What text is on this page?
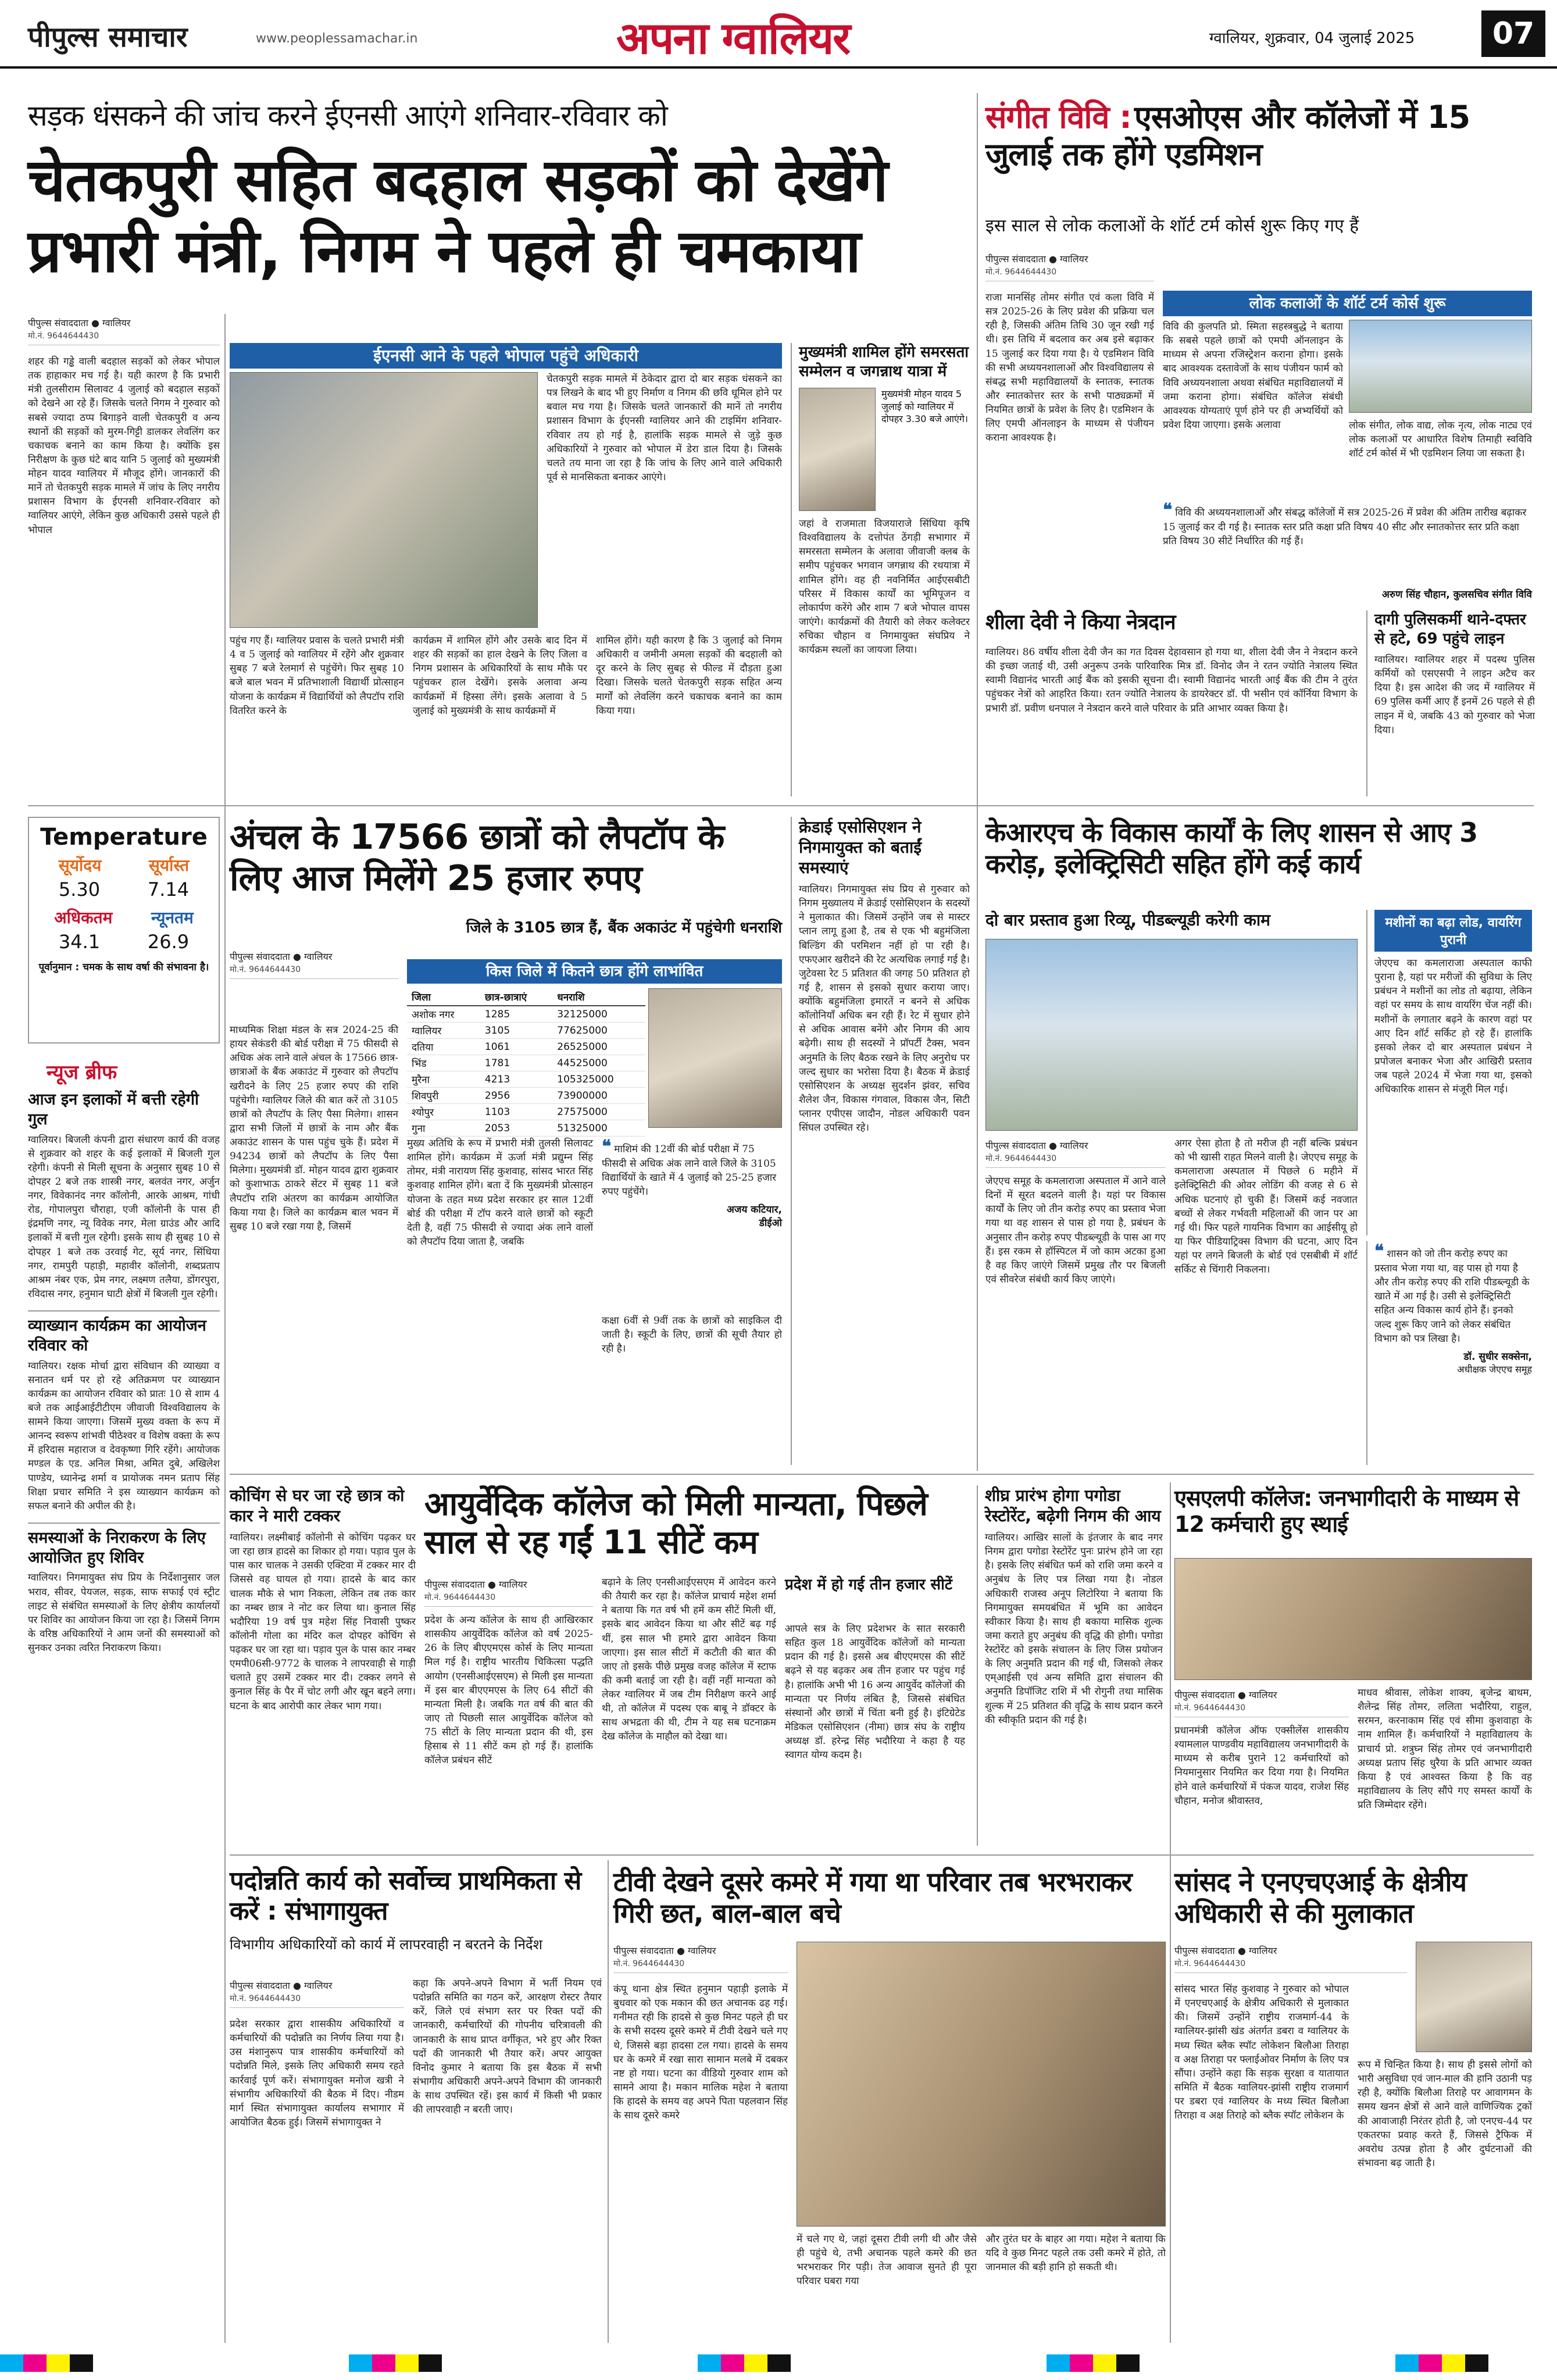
पीपुल्स समाचार	www.peoplessamachar.in	अपना ग्वालियर	ग्वालियर, शुक्रवार, 04 जुलाई 2025	07
सड़क धंसकने की जांच करने ईएनसी आएंगे शनिवार-रविवार को
चेतकपुरी सहित बदहाल सड़कों को देखेंगे प्रभारी मंत्री, निगम ने पहले ही चमकाया
पीपुल्स संवाददाता ● ग्वालियर
मो.नं. 9644644430
शहर की गड्ढे वाली बदहाल सड़कों को लेकर भोपाल तक हाहाकार मच गई है। यही कारण है कि प्रभारी मंत्री तुलसीराम सिलावट 4 जुलाई को बदहाल सड़कों को देखने आ रहे हैं। जिसके चलते निगम ने गुरुवार को सबसे ज्यादा ठप्प बिगाड़ने वाली चेतकपुरी व अन्य स्थानों की सड़कों को मुरम-गिट्टी डालकर लेवलिंग कर चकाचक बनाने का काम किया है। क्योंकि इस निरीक्षण के कुछ घंटे बाद यानि 5 जुलाई को मुख्यमंत्री मोहन यादव ग्वालियर में मौजूद होंगे। जानकारों की मानें तो चेतकपुरी सड़क मामले में जांच के लिए नगरीय प्रशासन विभाग के ईएनसी शनिवार-रविवार को ग्वालियर आएंगे, लेकिन कुछ अधिकारी उससे पहले ही भोपाल
ईएनसी आने के पहले भोपाल पहुंचे अधिकारी
चेतकपुरी सड़क मामले में ठेकेदार द्वारा दो बार सड़क धंसकने का पत्र लिखने के बाद भी हुए निर्माण व निगम की छवि धूमिल होने पर बवाल मच गया है। जिसके चलते जानकारों की मानें तो नगरीय प्रशासन विभाग के ईएनसी ग्वालियर आने की टाइमिंग शनिवार-रविवार तय हो गई है, हालांकि सड़क मामले से जुड़े कुछ अधिकारियों ने गुरुवार को भोपाल में डेरा डाल दिया है। जिसके चलते तय माना जा रहा है कि जांच के लिए आने वाले अधिकारी पूर्व से मानसिकता बनाकर आएंगे।
पहुंच गए हैं। ग्वालियर प्रवास के चलते प्रभारी मंत्री 4 व 5 जुलाई को ग्वालियर में रहेंगे और शुक्रवार सुबह 7 बजे रेलमार्ग से पहुंचेंगे। फिर सुबह 10 बजे बाल भवन में प्रतिभाशाली विद्यार्थी प्रोत्साहन योजना के कार्यक्रम में विद्यार्थियों को लैपटॉप राशि वितरित करने के
कार्यक्रम में शामिल होंगे और उसके बाद दिन में शहर की सड़कों का हाल देखने के लिए जिला व निगम प्रशासन के अधिकारियों के साथ मौके पर पहुंचकर हाल देखेंगे। इसके अलावा अन्य कार्यक्रमों में हिस्सा लेंगे। इसके अलावा वे 5 जुलाई को मुख्यमंत्री के साथ कार्यक्रमों में
शामिल होंगे। यही कारण है कि 3 जुलाई को निगम अधिकारी व जमीनी अमला सड़कों की बदहाली को दूर करने के लिए सुबह से फील्ड में दौड़ता हुआ दिखा। जिसके चलते चेतकपुरी सड़क सहित अन्य मार्गों को लेवलिंग करने चकाचक बनाने का काम किया गया।
मुख्यमंत्री शामिल होंगे समरसता सम्मेलन व जगन्नाथ यात्रा में
मुख्यमंत्री मोहन यादव 5 जुलाई को ग्वालियर में दोपहर 3.30 बजे आएंगे।
जहां वे राजमाता विजयाराजे सिंधिया कृषि विश्वविद्यालय के दत्तोपंत ठेंगड़ी सभागार में समरसता सम्मेलन के अलावा जीवाजी क्लब के समीप पहुंचकर भगवान जगन्नाथ की रथयात्रा में शामिल होंगे। वह ही नवनिर्मित आईएसबीटी परिसर में विकास कार्यों का भूमिपूजन व लोकार्पण करेंगे और शाम 7 बजे भोपाल वापस जाएंगे। कार्यक्रमों की तैयारी को लेकर कलेक्टर रुचिका चौहान व निगमायुक्त संघप्रिय ने कार्यक्रम स्थलों का जायजा लिया।
संगीत विवि : एसओएस और कॉलेजों में 15 जुलाई तक होंगे एडमिशन
इस साल से लोक कलाओं के शॉर्ट टर्म कोर्स शुरू किए गए हैं
पीपुल्स संवाददाता ● ग्वालियर
मो.नं. 9644644430
राजा मानसिंह तोमर संगीत एवं कला विवि में सत्र 2025-26 के लिए प्रवेश की प्रक्रिया चल रही है, जिसकी अंतिम तिथि 30 जून रखी गई थी। इस तिथि में बदलाव कर अब इसे बढ़ाकर 15 जुलाई कर दिया गया है। ये एडमिशन विवि की सभी अध्ययनशालाओं और विश्वविद्यालय से संबद्ध सभी महाविद्यालयों के स्नातक, स्नातक और स्नातकोत्तर स्तर के सभी पाठ्यक्रमों में नियमित छात्रों के प्रवेश के लिए है। एडमिशन के लिए एमपी ऑनलाइन के माध्यम से पंजीयन कराना आवश्यक है।
लोक कलाओं के शॉर्ट टर्म कोर्स शुरू
विवि की कुलपति प्रो. स्मिता सहस्त्रबुद्धे ने बताया कि सबसे पहले छात्रों को एमपी ऑनलाइन के माध्यम से अपना रजिस्ट्रेशन कराना होगा। इसके बाद आवश्यक दस्तावेजों के साथ पंजीयन फार्म को विवि अध्ययनशाला अथवा संबंधित महाविद्यालयों में जमा कराना होगा। संबंधित कॉलेज संबंधी आवश्यक योग्यताएं पूर्ण होने पर ही अभ्यर्थियों को प्रवेश दिया जाएगा। इसके अलावा	लोक संगीत, लोक वाद्य, लोक नृत्य, लोक नाट्य एवं लोक कलाओं पर आधारित विशेष तिमाही स्वविवि शॉर्ट टर्म कोर्स में भी एडमिशन लिया जा सकता है।
❝ विवि की अध्ययनशालाओं और संबद्ध कॉलेजों में सत्र 2025-26 में प्रवेश की अंतिम तारीख बढ़ाकर 15 जुलाई कर दी गई है। स्नातक स्तर प्रति कक्षा प्रति विषय 40 सीट और स्नातकोत्तर स्तर प्रति कक्षा प्रति विषय 30 सीटें निर्धारित की गई हैं।
अरुण सिंह चौहान, कुलसचिव संगीत विवि
शीला देवी ने किया नेत्रदान
ग्वालियर। 86 वर्षीय शीला देवी जैन का गत दिवस देहावसान हो गया था, शीला देवी जैन ने नेत्रदान करने की इच्छा जताई थी, उसी अनुरूप उनके पारिवारिक मित्र डॉ. विनोद जैन ने रतन ज्योति नेत्रालय स्थित स्वामी विद्यानंद भारती आई बैंक को इसकी सूचना दी। स्वामी विद्यानंद भारती आई बैंक की टीम ने तुरंत पहुंचकर नेत्रों को आहरित किया। रतन ज्योति नेत्रालय के डायरेक्टर डॉ. पी भसीन एवं कॉर्निया विभाग के प्रभारी डॉ. प्रवीण धनपाल ने नेत्रदान करने वाले परिवार के प्रति आभार व्यक्त किया है।
दागी पुलिसकर्मी थाने-दफ्तर से हटे, 69 पहुंचे लाइन
ग्वालियर। ग्वालियर शहर में पदस्थ पुलिस कर्मियों को एसएसपी ने लाइन अटैच कर दिया है। इस आदेश की जद में ग्वालियर में 69 पुलिस कर्मी आए हैं इनमें 26 पहले से ही लाइन में थे, जबकि 43 को गुरुवार को भेजा दिया।
Temperature
सूर्योदय	सूर्यास्त
5.30	7.14
अधिकतम न्यूनतम
34.1	26.9
पूर्वानुमान : चमक के साथ वर्षा की संभावना है।
न्यूज ब्रीफ
आज इन इलाकों में बत्ती रहेगी गुल
ग्वालियर। बिजली कंपनी द्वारा संधारण कार्य की वजह से शुक्रवार को शहर के कई इलाकों में बिजली गुल रहेगी। कंपनी से मिली सूचना के अनुसार सुबह 10 से दोपहर 2 बजे तक शास्त्री नगर, बलवंत नगर, अर्जुन नगर, विवेकानंद नगर कॉलोनी, आरके आश्रम, गांधी रोड, गोपालपुरा चौराहा, एजी कॉलोनी के पास ही इंद्रमणि नगर, न्यू विवेक नगर, मेला ग्राउंड और आदि इलाकों में बत्ती गुल रहेगी। इसके साथ ही सुबह 10 से दोपहर 1 बजे तक उरवाई गेट, सूर्य नगर, सिंधिया नगर, रामपुरी पहाड़ी, महावीर कॉलोनी, शब्दप्रताप आश्रम नंबर एक, प्रेम नगर, लक्ष्मण तलैया, डोंगरपुरा, रविदास नगर, हनुमान घाटी क्षेत्रों में बिजली गुल रहेगी।
व्याख्यान कार्यक्रम का आयोजन रविवार को
ग्वालियर। रक्षक मोर्चा द्वारा संविधान की व्याख्या व सनातन धर्म पर हो रहे अतिक्रमण पर व्याख्यान कार्यक्रम का आयोजन रविवार को प्रातः 10 से शाम 4 बजे तक आईआईटीटीएम जीवाजी विश्वविद्यालय के सामने किया जाएगा। जिसमें मुख्य वक्ता के रूप में आनन्द स्वरूप शांभवी पीठेश्वर व विशेष वक्ता के रूप में हरिदास महाराज व देवकृष्णा गिरि रहेंगे। आयोजक मण्डल के एड. अनिल मिश्रा, अमित दुबे, अखिलेश पाण्डेय, ध्यानेन्द्र शर्मा व प्रायोजक नमन प्रताप सिंह शिक्षा प्रचार समिति ने इस व्याख्यान कार्यक्रम को सफल बनाने की अपील की है।
समस्याओं के निराकरण के लिए आयोजित हुए शिविर
ग्वालियर। निगमायुक्त संघ प्रिय के निर्देशानुसार जल भराव, सीवर, पेयजल, सड़क, साफ सफाई एवं स्ट्रीट लाइट से संबंधित समस्याओं के लिए क्षेत्रीय कार्यालयों पर शिविर का आयोजन किया जा रहा है। जिसमें निगम के वरिष्ठ अधिकारियों ने आम जनों की समस्याओं को सुनकर उनका त्वरित निराकरण किया।
अंचल के 17566 छात्रों को लैपटॉप के लिए आज मिलेंगे 25 हजार रुपए
जिले के 3105 छात्र हैं, बैंक अकाउंट में पहुंचेगी धनराशि
पीपुल्स संवाददाता ● ग्वालियर
मो.नं. 9644644430
माध्यमिक शिक्षा मंडल के सत्र 2024-25 की हायर सेकंडरी की बोर्ड परीक्षा में 75 फीसदी से अधिक अंक लाने वाले अंचल के 17566 छात्र-छात्राओं के बैंक अकाउंट में गुरुवार को लैपटॉप खरीदने के लिए 25 हजार रुपए की राशि पहुंचेगी। ग्वालियर जिले की बात करें तो 3105 छात्रों को लैपटॉप के लिए पैसा मिलेगा। शासन द्वारा सभी जिलों में छात्रों के नाम और बैंक अकाउंट शासन के पास पहुंच चुके हैं। प्रदेश में 94234 छात्रों को लैपटॉप के लिए पैसा मिलेगा। मुख्यमंत्री डॉ. मोहन यादव द्वारा शुक्रवार को कुशाभाऊ ठाकरे सेंटर में सुबह 11 बजे लैपटॉप राशि अंतरण का कार्यक्रम आयोजित किया गया है। जिले का कार्यक्रम बाल भवन में सुबह 10 बजे रखा गया है, जिसमें
किस जिले में कितने छात्र होंगे लाभांवित
जिला	छात्र-छात्राएं	धनराशि
अशोक नगर	1285	32125000
ग्वालियर	3105	77625000
दतिया	1061	26525000
भिंड	1781	44525000
मुरैना	4213	105325000
शिवपुरी	2956	73900000
श्योपुर	1103	27575000
गुना	2053	51325000
मुख्य अतिथि के रूप में प्रभारी मंत्री तुलसी सिलावट शामिल होंगे। कार्यक्रम में ऊर्जा मंत्री प्रद्युम्न सिंह तोमर, मंत्री नारायण सिंह कुशवाह, सांसद भारत सिंह कुशवाह शामिल होंगे। बता दें कि मुख्यमंत्री प्रोत्साहन योजना के तहत मध्य प्रदेश सरकार हर साल 12वीं बोर्ड की परीक्षा में टॉप करने वाले छात्रों को स्कूटी देती है, वहीं 75 फीसदी से ज्यादा अंक लाने वालों को लैपटॉप दिया जाता है, जबकि
❝ माशिमं की 12वीं की बोर्ड परीक्षा में 75 फीसदी से अधिक अंक लाने वाले जिले के 3105 विद्यार्थियों के खाते में 4 जुलाई को 25-25 हजार रुपए पहुंचेंगे।
अजय कटियार,
डीईओ
कक्षा 6वीं से 9वीं तक के छात्रों को साइकिल दी जाती है। स्कूटी के लिए, छात्रों की सूची तैयार हो रही है।
क्रेडाई एसोसिएशन ने निगमायुक्त को बताईं समस्याएं
ग्वालियर। निगमायुक्त संघ प्रिय से गुरुवार को निगम मुख्यालय में क्रेडाई एसोसिएशन के सदस्यों ने मुलाकात की। जिसमें उन्होंने जब से मास्टर प्लान लागू हुआ है, तब से एक भी बहुमंजिला बिल्डिंग की परमिशन नहीं हो पा रही है। एफएआर खरीदने की रेट अत्यधिक लगाई गई है। जुटेवसा रेट 5 प्रतिशत की जगह 50 प्रतिशत हो गई है, शासन से इसको सुधार कराया जाए। क्योंकि बहुमंजिला इमारतें न बनने से अधिक कॉलोनियाँ अधिक बन रही हैं। रेट में सुधार होने से अधिक आवास बनेंगे और निगम की आय बढ़ेगी। साथ ही सदस्यों ने प्रॉपर्टी टैक्स, भवन अनुमति के लिए बैठक रखने के लिए अनुरोध पर जल्द सुधार का भरोसा दिया है। बैठक में क्रेडाई एसोसिएशन के अध्यक्ष सुदर्शन झंवर, सचिव शैलेश जैन, विकास गंगवाल, विकास जैन, सिटी प्लानर एपीएस जादौन, नोडल अधिकारी पवन सिंघल उपस्थित रहे।
केआरएच के विकास कार्यों के लिए शासन से आए 3 करोड़, इलेक्ट्रिसिटी सहित होंगे कई कार्य
दो बार प्रस्ताव हुआ रिव्यू, पीडब्ल्यूडी करेगी काम	मशीनों का बढ़ा लोड, वायरिंग पुरानी
जेएएच का कमलाराजा अस्पताल काफी पुराना है, यहां पर मरीजों की सुविधा के लिए प्रबंधन ने मशीनों का लोड तो बढ़ाया, लेकिन वहां पर समय के साथ वायरिंग चेंज नहीं की। मशीनों के लगातार बढ़ने के कारण वहां पर आए दिन शॉर्ट सर्किट हो रहे हैं। हालांकि इसको लेकर दो बार अस्पताल प्रबंधन ने प्रपोजल बनाकर भेजा और आखिरी प्रस्ताव जब पहले 2024 में भेजा गया था, इसको अधिकारिक शासन से मंजूरी मिल गई।
पीपुल्स संवाददाता ● ग्वालियर
मो.नं. 9644644430
जेएएच समूह के कमलाराजा अस्पताल में आने वाले दिनों में सूरत बदलने वाली है। यहां पर विकास कार्यों के लिए जो तीन करोड़ रुपए का प्रस्ताव भेजा गया था वह शासन से पास हो गया है, प्रबंधन के अनुसार तीन करोड़ रुपए पीडब्ल्यूडी के पास आ गए हैं। इस रकम से हॉस्पिटल में जो काम अटका हुआ है वह किए जाएंगे जिसमें प्रमुख तौर पर बिजली एवं सीवरेज संबंधी कार्य किए जाएंगे।
अगर ऐसा होता है तो मरीज ही नहीं बल्कि प्रबंधन को भी खासी राहत मिलने वाली है। जेएएच समूह के कमलाराजा अस्पताल में पिछले 6 महीने में इलेक्ट्रिसिटी की ओवर लोडिंग की वजह से 6 से अधिक घटनाएं हो चुकी हैं। जिसमें कई नवजात बच्चों से लेकर गर्भवती महिलाओं की जान पर आ गई थी। फिर पहले गायनिक विभाग का आईसीयू हो या फिर पीडियाट्रिक्स विभाग की घटना, आए दिन यहां पर लगने बिजली के बोर्ड एवं एसबीबी में शॉर्ट सर्किट से चिंगारी निकलना।
❝ शासन को जो तीन करोड़ रुपए का प्रस्ताव भेजा गया था, वह पास हो गया है और तीन करोड़ रुपए की राशि पीडब्ल्यूडी के खाते में आ गई है। उसी से इलेक्ट्रिसिटी सहित अन्य विकास कार्य होने हैं। इनको जल्द शुरू किए जाने को लेकर संबंधित विभाग को पत्र लिखा है।
डॉ. सुधीर सक्सेना,
अधीक्षक जेएएच समूह
आयुर्वेदिक कॉलेज को मिली मान्यता, पिछले साल से रह गईं 11 सीटें कम
कोचिंग से घर जा रहे छात्र को कार ने मारी टक्कर
ग्वालियर। लक्ष्मीबाई कॉलोनी से कोचिंग पढ़कर घर जा रहा छात्र हादसे का शिकार हो गया। पड़ाव पुल के पास कार चालक ने उसकी एक्टिवा में टक्कर मार दी जिससे वह घायल हो गया। हादसे के बाद कार चालक मौके से भाग निकला, लेकिन तब तक कार का नम्बर छात्र ने नोट कर लिया था। कुनाल सिंह भदौरिया 19 वर्ष पुत्र महेश सिंह निवासी पुष्कर कॉलोनी गोला का मंदिर कल दोपहर कोचिंग से पढ़कर घर जा रहा था। पड़ाव पुल के पास कार नम्बर एमपी06सी-9772 के चालक ने लापरवाही से गाड़ी चलाते हुए उसमें टक्कर मार दी। टक्कर लगने से कुनाल सिंह के पैर में चोट लगी और खून बहने लगा। घटना के बाद आरोपी कार लेकर भाग गया।
पीपुल्स संवाददाता ● ग्वालियर
मो.नं. 9644644430
प्रदेश के अन्य कॉलेज के साथ ही आखिरकार शासकीय आयुर्वेदिक कॉलेज को वर्ष 2025-26 के लिए बीएएमएस कोर्स के लिए मान्यता मिल गई है। राष्ट्रीय भारतीय चिकित्सा पद्धति आयोग (एनसीआईएसएम) से मिली इस मान्यता में इस बार बीएएमएस के लिए 64 सीटों की मान्यता मिली है। जबकि गत वर्ष की बात की जाए तो पिछली साल आयुर्वेदिक कॉलेज को 75 सीटों के लिए मान्यता प्रदान की थी, इस हिसाब से 11 सीटें कम हो गई हैं। हालांकि कॉलेज प्रबंधन सीटें
बढ़ाने के लिए एनसीआईएसएम में आवेदन करने की तैयारी कर रहा है। कॉलेज प्राचार्य महेश शर्मा ने बताया कि गत वर्ष भी हमें कम सीटें मिली थीं, इसके बाद आवेदन किया था और सीटें बढ़ गई थीं, इस साल भी हमारे द्वारा आवेदन किया जाएगा। इस साल सीटों में कटौती की बात की जाए तो इसके पीछे प्रमुख वजह कॉलेज में स्टाफ की कमी बताई जा रही है। वहीं नहीं मान्यता को लेकर ग्वालियर में जब टीम निरीक्षण करने आई थी, तो कॉलेज में पदस्थ एक बाबू ने डॉक्टर के साथ अभद्रता की थी, टीम ने यह सब घटनाक्रम देख कॉलेज के माहौल को देखा था।
प्रदेश में हो गई तीन हजार सीटें
आपले सत्र के लिए प्रदेशभर के सात सरकारी सहित कुल 18 आयुर्वेदिक कॉलेजों को मान्यता प्रदान की गई है। इससे अब बीएएमएस की सीटें बढ़ने से यह बढ़कर अब तीन हजार पर पहुंच गई है। हालांकि अभी भी 16 अन्य आयुर्वेद कॉलेजों की मान्यता पर निर्णय लंबित है, जिससे संबंधित संस्थानों और छात्रों में चिंता बनी हुई है। इंटिग्रेटेड मेडिकल एसोसिएशन (नीमा) छात्र संघ के राष्ट्रीय अध्यक्ष डॉ. हरेन्द्र सिंह भदौरिया ने कहा है यह स्वागत योग्य कदम है।
शीघ्र प्रारंभ होगा पगोडा रेस्टोरेंट, बढ़ेगी निगम की आय
ग्वालियर। आखिर सालों के इंतजार के बाद नगर निगम द्वारा पगोडा रेस्टोरेंट पुनः प्रारंभ होने जा रहा है। इसके लिए संबंधित फर्म को राशि जमा करने व अनुबंध के लिए पत्र लिखा गया है। नोडल अधिकारी राजस्व अनूप लिटोरिया ने बताया कि निगमायुक्त समयबंधित में भूमि का आवेदन स्वीकार किया है। साथ ही बकाया मासिक शुल्क जमा कराते हुए अनुबंध की वृद्धि की होगी। पगोडा रेस्टोरेंट को इसके संचालन के लिए जिस प्रयोजन के लिए अनुमति प्रदान की गई थी, जिसको लेकर एम्आईसी एवं अन्य समिति द्वारा संचालन की अनुमति डिपॉजिट राशि में भी रोगुनी तथा मासिक शुल्क में 25 प्रतिशत की वृद्धि के साथ प्रदान करने की स्वीकृति प्रदान की गई है।
एसएलपी कॉलेज: जनभागीदारी के माध्यम से 12 कर्मचारी हुए स्थाई
पीपुल्स संवाददाता ● ग्वालियर
मो.नं. 9644644430
प्रधानमंत्री कॉलेज ऑफ एक्सीलेंस शासकीय श्यामलाल पाण्डवीय महाविद्यालय जनभागीदारी के माध्यम से करीब पुराने 12 कर्मचारियों को नियमानुसार नियमित कर दिया गया है। नियमित होने वाले कर्मचारियों में पंकज यादव, राजेश सिंह चौहान, मनोज श्रीवास्तव,
माधव श्रीवास, लोकेश शाक्य, बृजेन्द्र बाथम, शैलेन्द्र सिंह तोमर, ललिता भदौरिया, राहुल, सरमन, करनाकाम सिंह एवं सीमा कुशवाहा के नाम शामिल हैं। कर्मचारियों ने महाविद्यालय के प्राचार्य प्रो. शत्रुघ्न सिंह तोमर एवं जनभागीदारी अध्यक्ष प्रताप सिंह धुरैया के प्रति आभार व्यक्त किया है एवं आश्वस्त किया है कि वह महाविद्यालय के लिए सौंपे गए समस्त कार्यों के प्रति जिम्मेदार रहेंगे।
पदोन्नति कार्य को सर्वोच्च प्राथमिकता से करें : संभागायुक्त
विभागीय अधिकारियों को कार्य में लापरवाही न बरतने के निर्देश
पीपुल्स संवाददाता ● ग्वालियर
मो.नं. 9644644430
प्रदेश सरकार द्वारा शासकीय अधिकारियों व कर्मचारियों की पदोन्नति का निर्णय लिया गया है। उस मंशानुरूप पात्र शासकीय कर्मचारियों को पदोन्नति मिले, इसके लिए अधिकारी समय रहते कार्रवाई पूर्ण करें। संभागायुक्त मनोज खत्री ने संभागीय अधिकारियों की बैठक में दिए। नीडम मार्ग स्थित संभागायुक्त कार्यालय सभागार में आयोजित बैठक हुई। जिसमें संभागायुक्त ने
कहा कि अपने-अपने विभाग में भर्ती नियम एवं पदोन्नति समिति का गठन करें, आरक्षण रोस्टर तैयार करें, जिले एवं संभाग स्तर पर रिक्त पदों की जानकारी, कर्मचारियों की गोपनीय चरित्रावली की जानकारी के साथ प्राप्त वर्गीकृत, भरे हुए और रिक्त पदों की जानकारी भी तैयार करें। अपर आयुक्त विनोद कुमार ने बताया कि इस बैठक में सभी संभागीय अधिकारी अपने-अपने विभाग की जानकारी के साथ उपस्थित रहें। इस कार्य में किसी भी प्रकार की लापरवाही न बरती जाए।
टीवी देखने दूसरे कमरे में गया था परिवार तब भरभराकर गिरी छत, बाल-बाल बचे
पीपुल्स संवाददाता ● ग्वालियर
मो.नं. 9644644430
कंपू थाना क्षेत्र स्थित हनुमान पहाड़ी इलाके में बुधवार को एक मकान की छत अचानक ढह गई। गनीमत रही कि हादसे से कुछ मिनट पहले ही घर के सभी सदस्य दूसरे कमरे में टीवी देखने चले गए थे, जिससे बड़ा हादसा टल गया। हादसे के समय घर के कमरे में रखा सारा सामान मलबे में दबकर नष्ट हो गया। घटना का वीडियो गुरुवार शाम को सामने आया है। मकान मालिक महेश ने बताया कि हादसे के समय वह अपने पिता पहलवान सिंह के साथ दूसरे कमरे
में चले गए थे, जहां दूसरा टीवी लगी थी और जैसे ही पहुंचे थे, तभी अचानक पहले कमरे की छत भरभराकर गिर पड़ी। तेज आवाज सुनते ही पूरा परिवार घबरा गया
और तुरंत घर के बाहर आ गया। महेश ने बताया कि यदि वे कुछ मिनट पहले तक उसी कमरे में होते, तो जानमाल की बड़ी हानि हो सकती थी।
सांसद ने एनएचएआई के क्षेत्रीय अधिकारी से की मुलाकात
पीपुल्स संवाददाता ● ग्वालियर
मो.नं. 9644644430
सांसद भारत सिंह कुशवाह ने गुरुवार को भोपाल में एनएचएआई के क्षेत्रीय अधिकारी से मुलाकात की। जिसमें उन्होंने राष्ट्रीय राजमार्ग-44 के ग्वालियर-झांसी खंड अंतर्गत डबरा व ग्वालियर के मध्य स्थित ब्लैक स्पॉट लोकेशन बिलौआ तिराहा व अक्ष तिराहा पर फ्लाईओवर निर्माण के लिए पत्र सौंपा। उन्होंने कहा कि सड़क सुरक्षा व यातायात समिति में बैठक ग्वालियर-झांसी राष्ट्रीय राजमार्ग पर डबरा एवं ग्वालियर के मध्य स्थित बिलौआ तिराहा व अक्ष तिराहे को ब्लैक स्पॉट लोकेशन के
रूप में चिन्हित किया है। साथ ही इससे लोगों को भारी असुविधा एवं जान-माल की हानि उठानी पड़ रही है, क्योंकि बिलौआ तिराहे पर आवागमन के समय खनन क्षेत्रों से आने वाले वाणिज्यिक ट्रकों की आवाजाही निरंतर होती है, जो एनएच-44 पर एकतरफा प्रवाह करते हैं, जिससे ट्रैफिक में अवरोध उत्पन्न होता है और दुर्घटनाओं की संभावना बढ़ जाती है।
